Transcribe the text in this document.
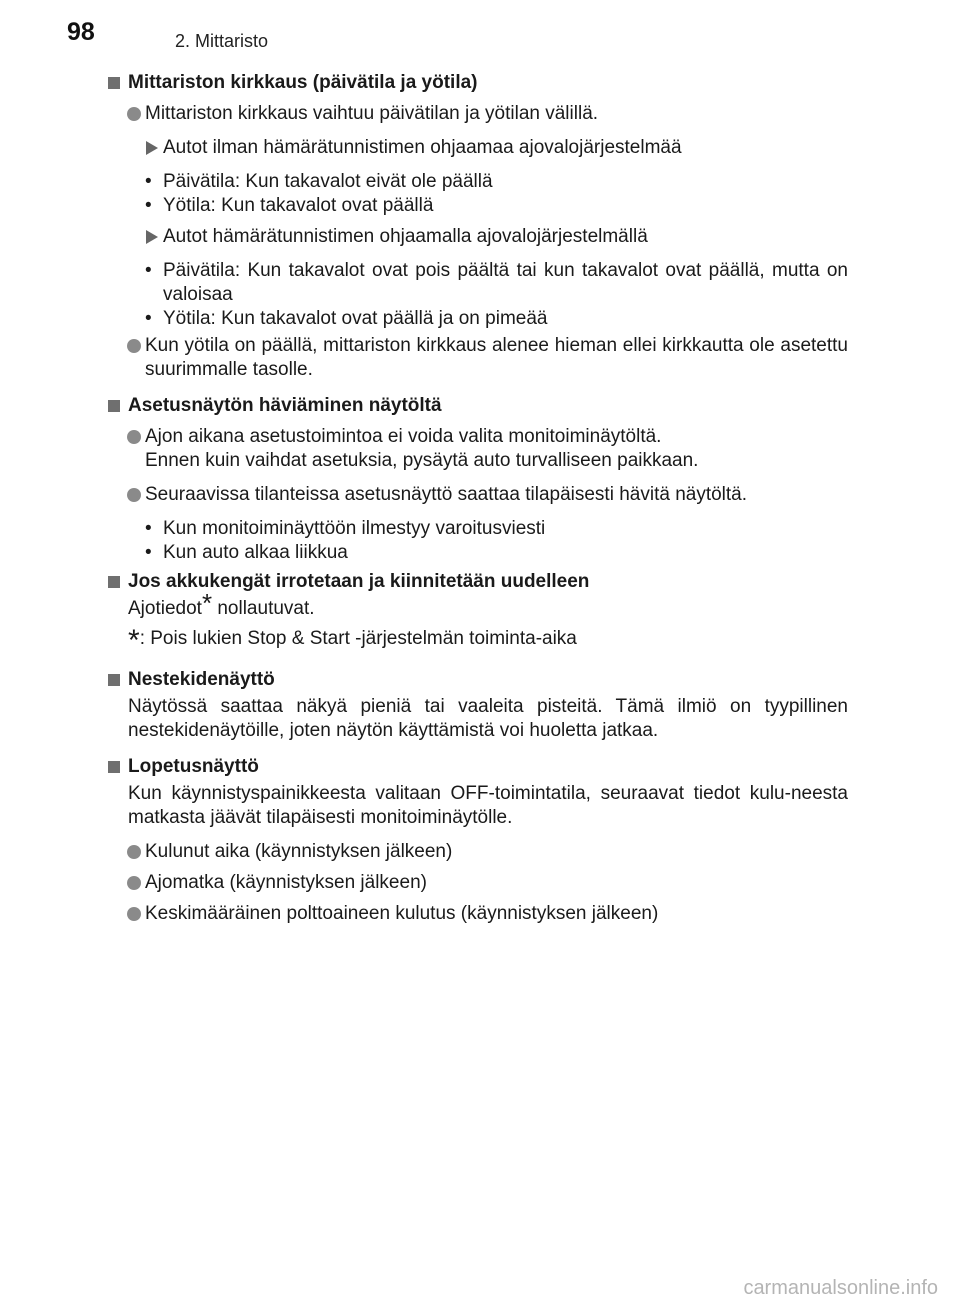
98	2. Mittaristo
Mittariston kirkkaus (päivätila ja yötila)
Mittariston kirkkaus vaihtuu päivätilan ja yötilan välillä.
Autot ilman hämärätunnistimen ohjaamaa ajovalojärjestelmää
• Päivätila: Kun takavalot eivät ole päällä
• Yötila: Kun takavalot ovat päällä
Autot hämärätunnistimen ohjaamalla ajovalojärjestelmällä
• Päivätila: Kun takavalot ovat pois päältä tai kun takavalot ovat päällä, mutta on valoisaa
• Yötila: Kun takavalot ovat päällä ja on pimeää
Kun yötila on päällä, mittariston kirkkaus alenee hieman ellei kirkkautta ole asetettu suurimmalle tasolle.
Asetusnäytön häviäminen näytöltä
Ajon aikana asetustoimintoa ei voida valita monitoiminäytöltä.
Ennen kuin vaihdat asetuksia, pysäytä auto turvalliseen paikkaan.
Seuraavissa tilanteissa asetusnäyttö saattaa tilapäisesti hävitä näytöltä.
• Kun monitoiminäyttöön ilmestyy varoitusviesti
• Kun auto alkaa liikkua
Jos akkukengät irrotetaan ja kiinnitetään uudelleen
Ajotiedot* nollautuvat.
*: Pois lukien Stop & Start -järjestelmän toiminta-aika
Nestekidenäyttö
Näytössä saattaa näkyä pieniä tai vaaleita pisteitä. Tämä ilmiö on tyypillinen nestekidenäytöille, joten näytön käyttämistä voi huoletta jatkaa.
Lopetusnäyttö
Kun käynnistyspainikkeesta valitaan OFF-toimintatila, seuraavat tiedot kulu-neesta matkasta jäävät tilapäisesti monitoiminäytölle.
Kulunut aika (käynnistyksen jälkeen)
Ajomatka (käynnistyksen jälkeen)
Keskimääräinen polttoaineen kulutus (käynnistyksen jälkeen)
carmanualsonline.info
